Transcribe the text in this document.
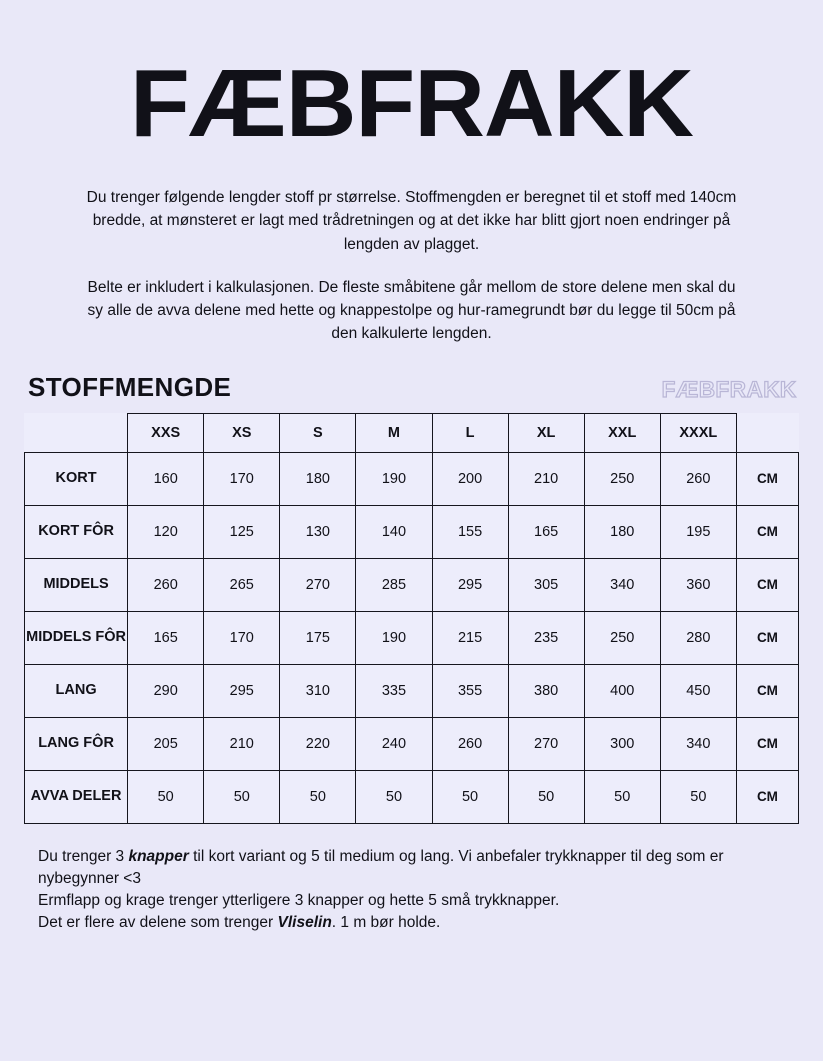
FÆBFRAKK

Du trenger følgende lengder stoff pr størrelse. Stoffmengden er beregnet til et stoff med 140cm bredde, at mønsteret er lagt med trådretningen og at det ikke har blitt gjort noen endringer på lengden av plagget.

Belte er inkludert i kalkulasjonen. De fleste småbitene går mellom de store delene men skal du sy alle de avva delene med hette og knappestolpe og hur-ramegrundt bør du legge til 50cm på den kalkulerte lengden.

STOFFMENGDE	FÆBFRAKK
	XXS	XS	S	M	L	XL	XXL	XXXL	
KORT	160	170	180	190	200	210	250	260	CM
KORT FÔR	120	125	130	140	155	165	180	195	CM
MIDDELS	260	265	270	285	295	305	340	360	CM
MIDDELS FÔR	165	170	175	190	215	235	250	280	CM
LANG	290	295	310	335	355	380	400	450	CM
LANG FÔR	205	210	220	240	260	270	300	340	CM
AVVA DELER	50	50	50	50	50	50	50	50	CM

Du trenger 3 knapper til kort variant og 5 til medium og lang. Vi anbefaler trykknapper til deg som er nybegynner <3

Ermflapp og krage trenger ytterligere 3 knapper og hette 5 små trykknapper.

Det er flere av delene som trenger Vliselin. 1 m bør holde.
